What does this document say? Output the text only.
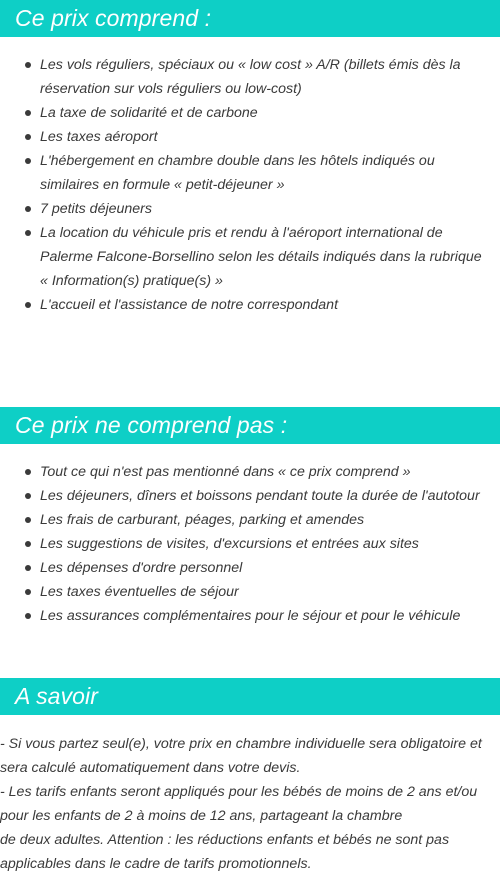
Ce prix comprend :
Les vols réguliers, spéciaux ou « low cost » A/R (billets émis dès la réservation sur vols réguliers ou low-cost)
La taxe de solidarité et de carbone
Les taxes aéroport
L'hébergement en chambre double dans les hôtels indiqués ou similaires en formule « petit-déjeuner »
7 petits déjeuners
La location du véhicule pris et rendu à l'aéroport international de Palerme Falcone-Borsellino selon les détails indiqués dans la rubrique « Information(s) pratique(s) »
L'accueil et l'assistance de notre correspondant
Ce prix ne comprend pas :
Tout ce qui n'est pas mentionné dans « ce prix comprend »
Les déjeuners, dîners et boissons pendant toute la durée de l'autotour
Les frais de carburant, péages, parking et amendes
Les suggestions de visites, d'excursions et entrées aux sites
Les dépenses d'ordre personnel
Les taxes éventuelles de séjour
Les assurances complémentaires pour le séjour et pour le véhicule
A savoir

- Si vous partez seul(e), votre prix en chambre individuelle sera obligatoire et sera calculé automatiquement dans votre devis.
- Les tarifs enfants seront appliqués pour les bébés de moins de 2 ans et/ou pour les enfants de 2 à moins de 12 ans, partageant la chambre
de deux adultes. Attention : les réductions enfants et bébés ne sont pas applicables dans le cadre de tarifs promotionnels.
